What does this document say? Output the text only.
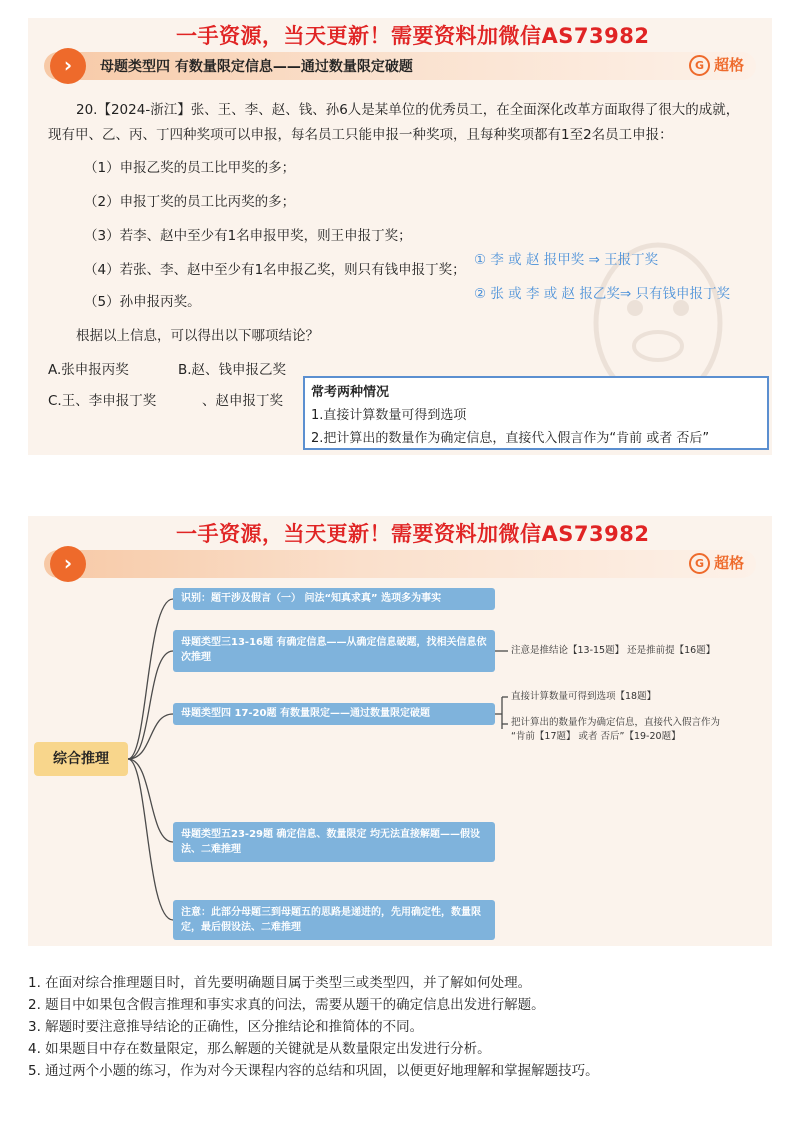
一手资源，当天更新！需要资料加微信AS73982
›	母题类型四 有数量限定信息——通过数量限定破题	G 超格
20.【2024-浙江】张、王、李、赵、钱、孙6人是某单位的优秀员工，在全面深化改革方面取得了很大的成就，现有甲、乙、丙、丁四种奖项可以申报，每名员工只能申报一种奖项，且每种奖项都有1至2名员工申报：
（1）申报乙奖的员工比甲奖的多；
（2）申报丁奖的员工比丙奖的多；
（3）若李、赵中至少有1名申报甲奖，则王申报丁奖；
（4）若张、李、赵中至少有1名申报乙奖，则只有钱申报丁奖；
（5）孙申报丙奖。
根据以上信息，可以得出以下哪项结论？
A.张申报丙奖	B.赵、钱申报乙奖
C.王、李申报丁奖	、赵申报丁奖
① 李 或 赵 报甲奖 ⇒ 王报丁奖
② 张 或 李 或 赵 报乙奖⇒ 只有钱申报丁奖
常考两种情况
1.直接计算数量可得到选项
2.把计算出的数量作为确定信息，直接代入假言作为“肯前 或者 否后”
一手资源，当天更新！需要资料加微信AS73982
›	G 超格
综合推理
识别：题干涉及假言（一） 问法“知真求真” 选项多为事实
母题类型三13-16题 有确定信息——从确定信息破题，找相关信息依次推理
母题类型四 17-20题 有数量限定——通过数量限定破题
母题类型五23-29题 确定信息、数量限定 均无法直接解题——假设法、二难推理
注意：此部分母题三到母题五的思路是递进的，先用确定性，数量限定，最后假设法、二难推理
注意是推结论【13-15题】 还是推前提【16题】
直接计算数量可得到选项【18题】
把计算出的数量作为确定信息，直接代入假言作为
“肯前【17题】 或者 否后”【19-20题】
1. 在面对综合推理题目时，首先要明确题目属于类型三或类型四，并了解如何处理。
2. 题目中如果包含假言推理和事实求真的问法，需要从题干的确定信息出发进行解题。
3. 解题时要注意推导结论的正确性，区分推结论和推简体的不同。
4. 如果题目中存在数量限定，那么解题的关键就是从数量限定出发进行分析。
5. 通过两个小题的练习，作为对今天课程内容的总结和巩固，以便更好地理解和掌握解题技巧。
